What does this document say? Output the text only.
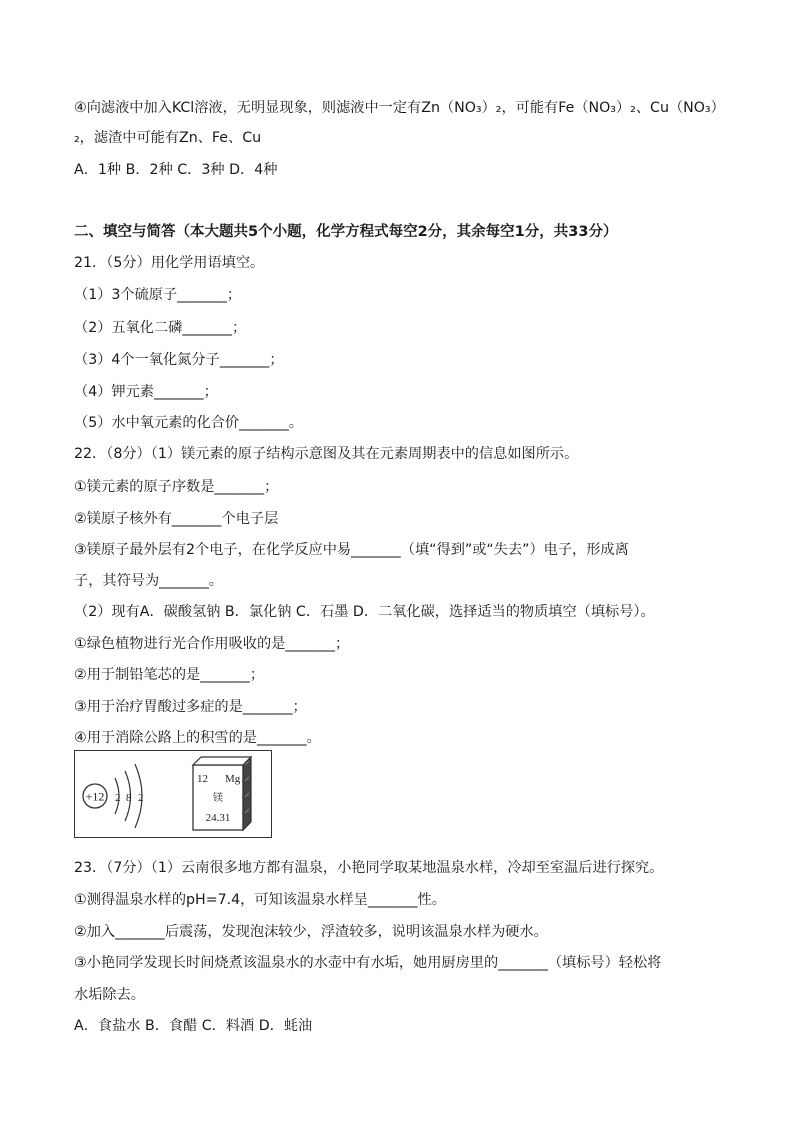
④向滤液中加入KCl溶液，无明显现象，则滤液中一定有Zn（NO₃）₂，可能有Fe（NO₃）₂、Cu（NO₃）
₂，滤渣中可能有Zn、Fe、Cu
A．1种 B．2种 C．3种 D．4种
二、填空与简答（本大题共5个小题，化学方程式每空2分，其余每空1分，共33分）
21．（5分）用化学用语填空。
（1）3个硫原子_______；
（2）五氧化二磷_______；
（3）4个一氧化氮分子_______；
（4）钾元素_______；
（5）水中氧元素的化合价_______。
22．（8分）（1）镁元素的原子结构示意图及其在元素周期表中的信息如图所示。
①镁元素的原子序数是_______；
②镁原子核外有_______个电子层
③镁原子最外层有2个电子，在化学反应中易_______（填“得到”或“失去”）电子，形成离
子，其符号为_______。
（2）现有A．碳酸氢钠 B．氯化钠 C．石墨 D．二氧化碳，选择适当的物质填空（填标号）。
①绿色植物进行光合作用吸收的是_______；
②用于制铅笔芯的是_______；
③用于治疗胃酸过多症的是_______；
④用于消除公路上的积雪的是_______。
+12 2 8 2
12 Mg
镁
24.31
23．（7分）（1）云南很多地方都有温泉，小艳同学取某地温泉水样，冷却至室温后进行探究。
①测得温泉水样的pH=7.4，可知该温泉水样呈_______性。
②加入_______后震荡，发现泡沫较少，浮渣较多，说明该温泉水样为硬水。
③小艳同学发现长时间烧煮该温泉水的水壶中有水垢，她用厨房里的_______（填标号）轻松将
水垢除去。
A．食盐水 B．食醋 C．料酒 D．蚝油
